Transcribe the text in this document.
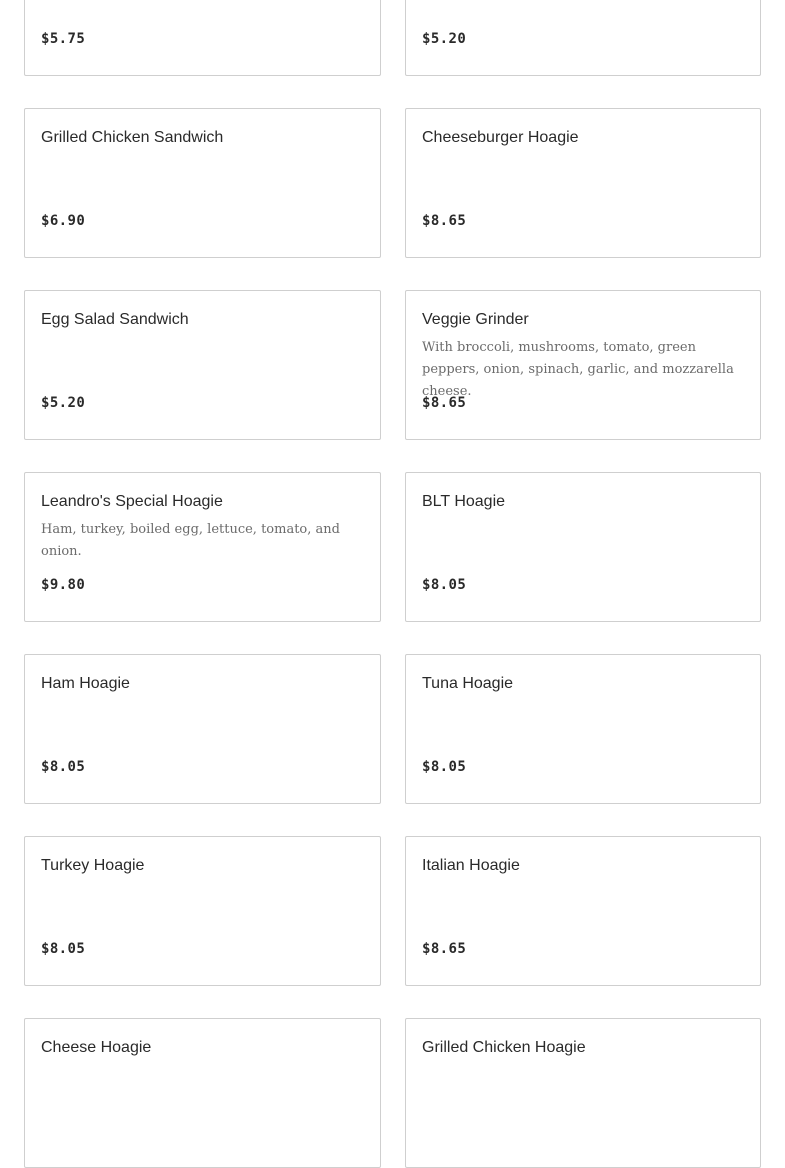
$5.75	$5.20
Grilled Chicken Sandwich
$6.90
Cheeseburger Hoagie
$8.65
Egg Salad Sandwich
$5.20
Veggie Grinder
With broccoli, mushrooms, tomato, green peppers, onion, spinach, garlic, and mozzarella cheese.
$8.65
Leandro's Special Hoagie
Ham, turkey, boiled egg, lettuce, tomato, and onion.
$9.80
BLT Hoagie
$8.05
Ham Hoagie
$8.05
Tuna Hoagie
$8.05
Turkey Hoagie
$8.05
Italian Hoagie
$8.65
Cheese Hoagie	Grilled Chicken Hoagie
